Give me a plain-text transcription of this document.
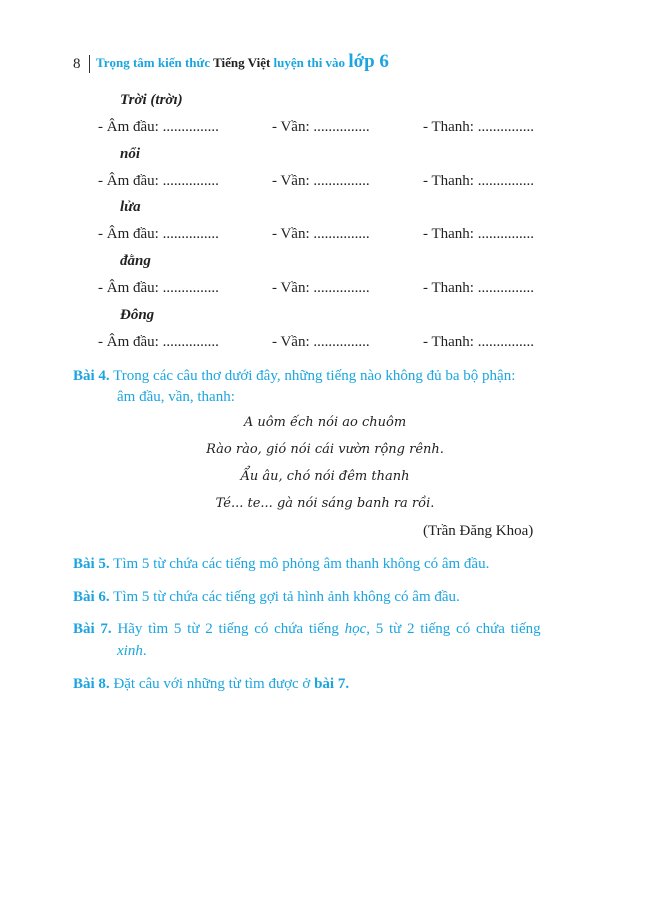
8 Trọng tâm kiến thức Tiếng Việt luyện thi vào lớp 6
Trời (trờı)
- Âm đầu: ...............	- Vần: ...............	- Thanh: ...............
nổi
- Âm đầu: ...............	- Vần: ...............	- Thanh: ...............
lửa
- Âm đầu: ...............	- Vần: ...............	- Thanh: ...............
đằng
- Âm đầu: ...............	- Vần: ...............	- Thanh: ...............
Đông
- Âm đầu: ...............	- Vần: ...............	- Thanh: ...............
Bài 4. Trong các câu thơ dưới đây, những tiếng nào không đủ ba bộ phận:
âm đầu, vần, thanh:
A uôm ếch nói ao chuôm
Rào rào, gió nói cái vườn rộng rênh.
Ẩu âu, chó nói đêm thanh
Té... te... gà nói sáng banh ra rồi.
(Trần Đăng Khoa)
Bài 5. Tìm 5 từ chứa các tiếng mô phỏng âm thanh không có âm đầu.
Bài 6. Tìm 5 từ chứa các tiếng gợi tả hình ảnh không có âm đầu.
Bài 7. Hãy tìm 5 từ 2 tiếng có chứa tiếng học, 5 từ 2 tiếng có chứa tiếng
xinh.
Bài 8. Đặt câu với những từ tìm được ở bài 7.
